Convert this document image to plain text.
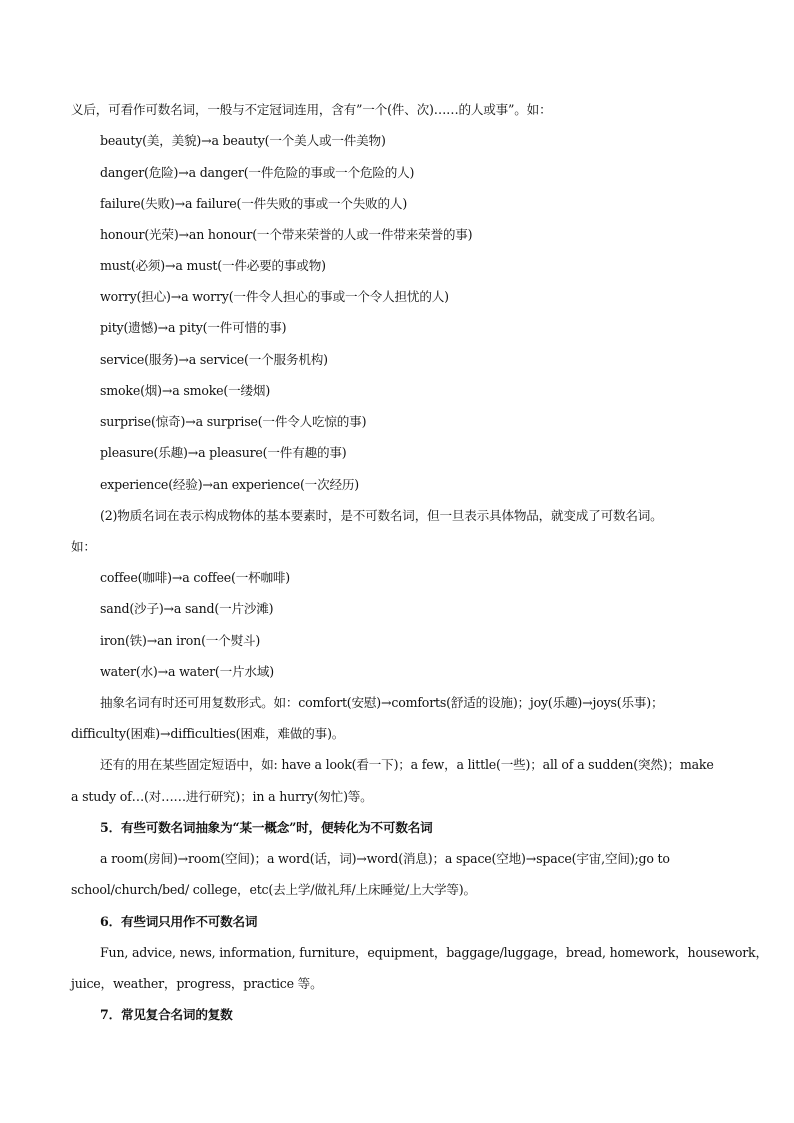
义后，可看作可数名词，一般与不定冠词连用，含有”一个(件、次)……的人或事”。如：
beauty(美，美貌)→a beauty(一个美人或一件美物)
danger(危险)→a danger(一件危险的事或一个危险的人)
failure(失败)→a failure(一件失败的事或一个失败的人)
honour(光荣)→an honour(一个带来荣誉的人或一件带来荣誉的事)
must(必须)→a must(一件必要的事或物)
worry(担心)→a worry(一件令人担心的事或一个令人担忧的人)
pity(遗憾)→a pity(一件可惜的事)
service(服务)→a service(一个服务机构)
smoke(烟)→a smoke(一缕烟)
surprise(惊奇)→a surprise(一件令人吃惊的事)
pleasure(乐趣)→a pleasure(一件有趣的事)
experience(经验)→an experience(一次经历)
(2)物质名词在表示构成物体的基本要素时，是不可数名词，但一旦表示具体物品，就变成了可数名词。
如：
coffee(咖啡)→a coffee(一杯咖啡)
sand(沙子)→a sand(一片沙滩)
iron(铁)→an iron(一个熨斗)
water(水)→a water(一片水域)
抽象名词有时还可用复数形式。如：comfort(安慰)→comforts(舒适的设施)；joy(乐趣)→joys(乐事)；
difficulty(困难)→difficulties(困难，难做的事)。
还有的用在某些固定短语中，如: have a look(看一下)；a few，a little(一些)；all of a sudden(突然)；make
a study of…(对……进行研究)；in a hurry(匆忙)等。
5．有些可数名词抽象为“某一概念”时，便转化为不可数名词
a room(房间)→room(空间)；a word(话，词)→word(消息)；a space(空地)→space(宇宙,空间);go to
school/church/bed/ college，etc(去上学/做礼拜/上床睡觉/上大学等)。
6．有些词只用作不可数名词
Fun, advice, news, information, furniture，equipment，baggage/luggage，bread, homework，housework，
juice，weather，progress，practice 等。
7．常见复合名词的复数
